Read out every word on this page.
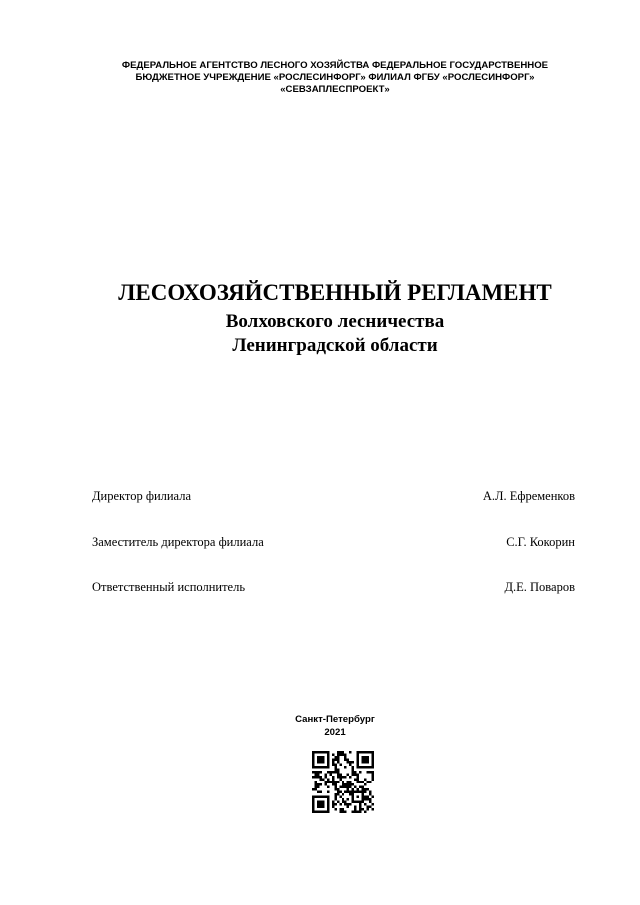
ФЕДЕРАЛЬНОЕ АГЕНТСТВО ЛЕСНОГО ХОЗЯЙСТВА ФЕДЕРАЛЬНОЕ ГОСУДАРСТВЕННОЕ
БЮДЖЕТНОЕ УЧРЕЖДЕНИЕ «РОСЛЕСИНФОРГ» ФИЛИАЛ ФГБУ «РОСЛЕСИНФОРГ»
«СЕВЗАПЛЕСПРОЕКТ»
ЛЕСОХОЗЯЙСТВЕННЫЙ РЕГЛАМЕНТ
Волховского лесничества
Ленинградской области
Директор филиала	А.Л. Ефременков
Заместитель директора филиала	С.Г. Кокорин
Ответственный исполнитель	Д.Е. Поваров
Санкт-Петербург
2021
